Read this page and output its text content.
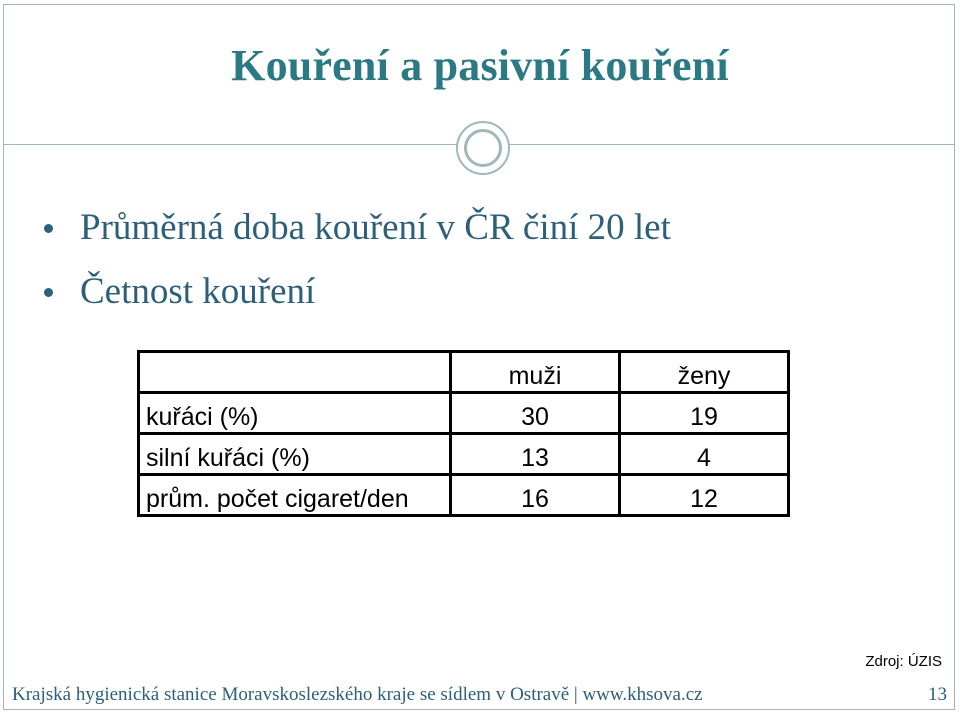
Kouření a pasivní kouření
Průměrná doba kouření v ČR činí 20 let
Četnost kouření
	muži	ženy
kuřáci (%)	30	19
silní kuřáci (%)	13	4
prům. počet cigaret/den	16	12
Zdroj: ÚZIS
Krajská hygienická stanice Moravskoslezského kraje se sídlem v Ostravě | www.khsova.cz	13
